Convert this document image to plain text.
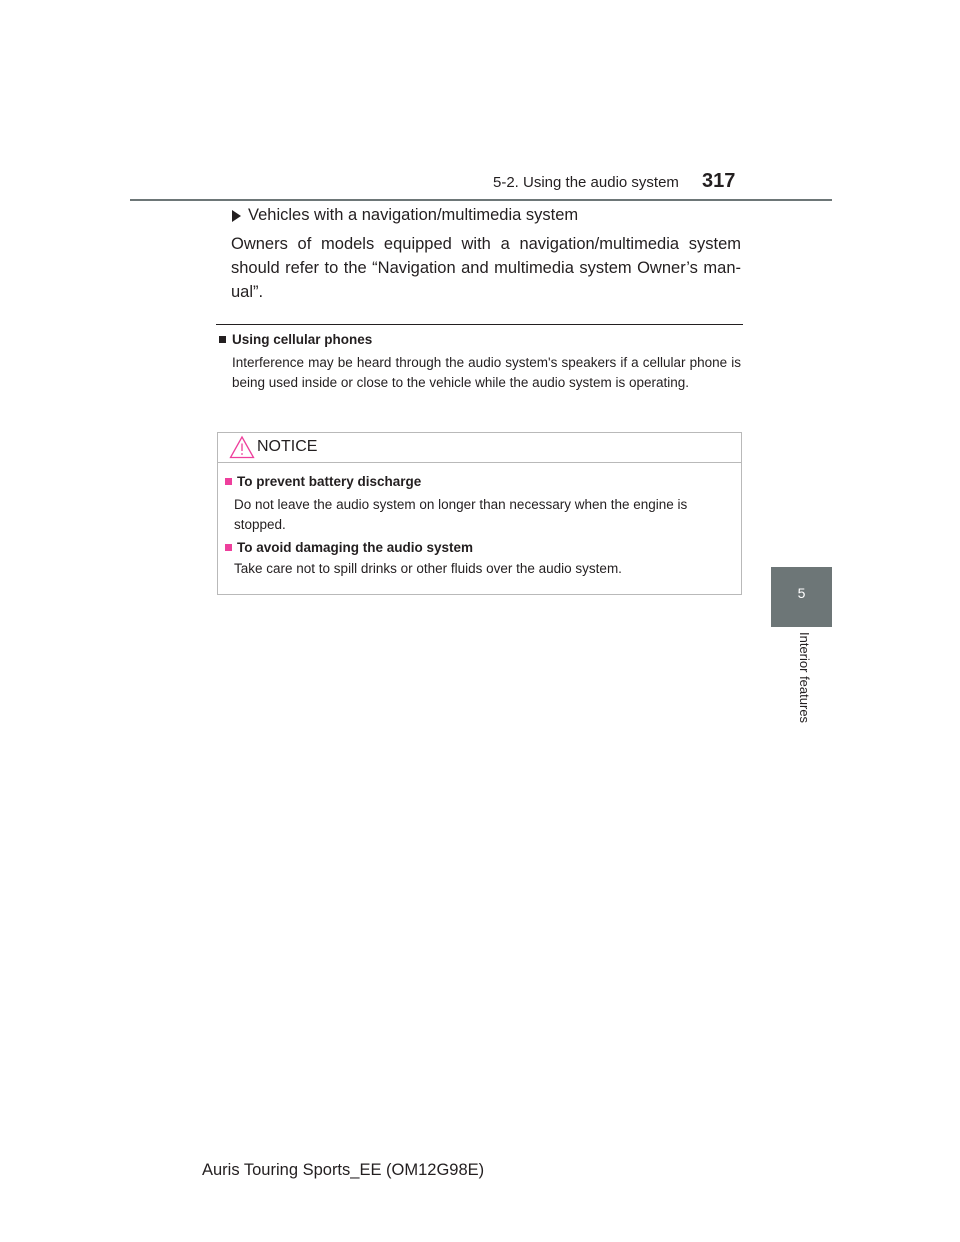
5-2. Using the audio system 317
Vehicles with a navigation/multimedia system
Owners of models equipped with a navigation/multimedia system should refer to the “Navigation and multimedia system Owner’s manual”.
Using cellular phones
Interference may be heard through the audio system's speakers if a cellular phone is being used inside or close to the vehicle while the audio system is operating.
NOTICE
To prevent battery discharge
Do not leave the audio system on longer than necessary when the engine is stopped.
To avoid damaging the audio system
Take care not to spill drinks or other fluids over the audio system.
5
Interior features
Auris Touring Sports_EE (OM12G98E)
